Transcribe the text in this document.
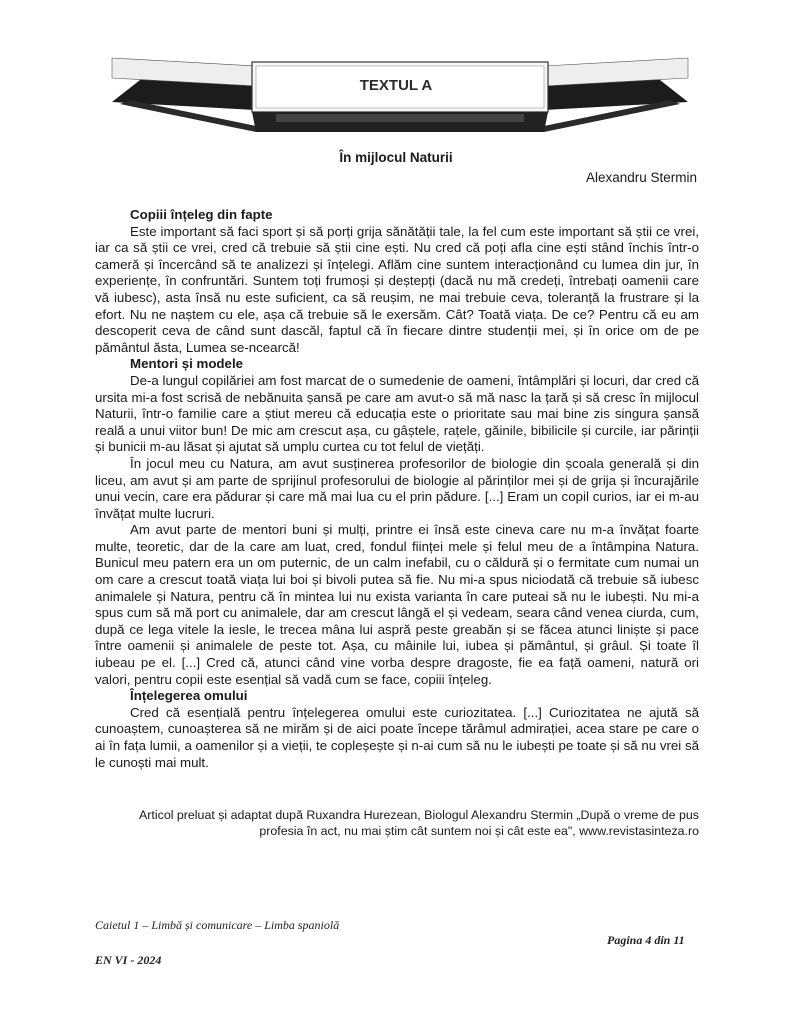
TEXTUL A
În mijlocul Naturii
Alexandru Stermin
Copiii înțeleg din fapte

Este important să faci sport și să porți grija sănătății tale, la fel cum este important să știi ce vrei, iar ca să știi ce vrei, cred că trebuie să știi cine ești. Nu cred că poți afla cine ești stând închis într-o cameră și încercând să te analizezi și înțelegi. Aflăm cine suntem interacționând cu lumea din jur, în experiențe, în confruntări. Suntem toți frumoși și deștepți (dacă nu mă credeți, întrebați oamenii care vă iubesc), asta însă nu este suficient, ca să reușim, ne mai trebuie ceva, toleranță la frustrare și la efort. Nu ne naștem cu ele, așa că trebuie să le exersăm. Cât? Toată viața. De ce? Pentru că eu am descoperit ceva de când sunt dascăl, faptul că în fiecare dintre studenții mei, și în orice om de pe pământul ăsta, Lumea se-ncearcă!

Mentori și modele

De-a lungul copilăriei am fost marcat de o sumedenie de oameni, întâmplări și locuri, dar cred că ursita mi-a fost scrisă de nebănuita șansă pe care am avut-o să mă nasc la țară și să cresc în mijlocul Naturii, într-o familie care a știut mereu că educația este o prioritate sau mai bine zis singura șansă reală a unui viitor bun! De mic am crescut așa, cu gâștele, rațele, găinile, bibilicile și curcile, iar părinții și bunicii m-au lăsat și ajutat să umplu curtea cu tot felul de viețăți.

În jocul meu cu Natura, am avut susținerea profesorilor de biologie din școala generală și din liceu, am avut și am parte de sprijinul profesorului de biologie al părinților mei și de grija și încurajările unui vecin, care era pădurar și care mă mai lua cu el prin pădure. [...] Eram un copil curios, iar ei m-au învățat multe lucruri.

Am avut parte de mentori buni și mulți, printre ei însă este cineva care nu m-a învățat foarte multe, teoretic, dar de la care am luat, cred, fondul ființei mele și felul meu de a întâmpina Natura. Bunicul meu patern era un om puternic, de un calm inefabil, cu o căldură și o fermitate cum numai un om care a crescut toată viața lui boi și bivoli putea să fie. Nu mi-a spus niciodată că trebuie să iubesc animalele și Natura, pentru că în mintea lui nu exista varianta în care puteai să nu le iubești. Nu mi-a spus cum să mă port cu animalele, dar am crescut lângă el și vedeam, seara când venea ciurda, cum, după ce lega vitele la iesle, le trecea mâna lui aspră peste greabăn și se făcea atunci liniște și pace între oamenii și animalele de peste tot. Așa, cu mâinile lui, iubea și pământul, și grâul. Și toate îl iubeau pe el. [...] Cred că, atunci când vine vorba despre dragoste, fie ea față oameni, natură ori valori, pentru copii este esențial să vadă cum se face, copiii înțeleg.

Înțelegerea omului

Cred că esențială pentru înțelegerea omului este curiozitatea. [...] Curiozitatea ne ajută să cunoaștem, cunoașterea să ne mirăm și de aici poate începe tărâmul admirației, acea stare pe care o ai în fața lumii, a oamenilor și a vieții, te copleșește și n-ai cum să nu le iubești pe toate și să nu vrei să le cunoști mai mult.

Articol preluat și adaptat după Ruxandra Hurezean, Biologul Alexandru Stermin „După o vreme de pus
profesia în act, nu mai știm cât suntem noi și cât este ea", www.revistasinteza.ro
Caietul 1 – Limbă și comunicare – Limba spaniolă
Pagina 4 din 11
EN VI - 2024
